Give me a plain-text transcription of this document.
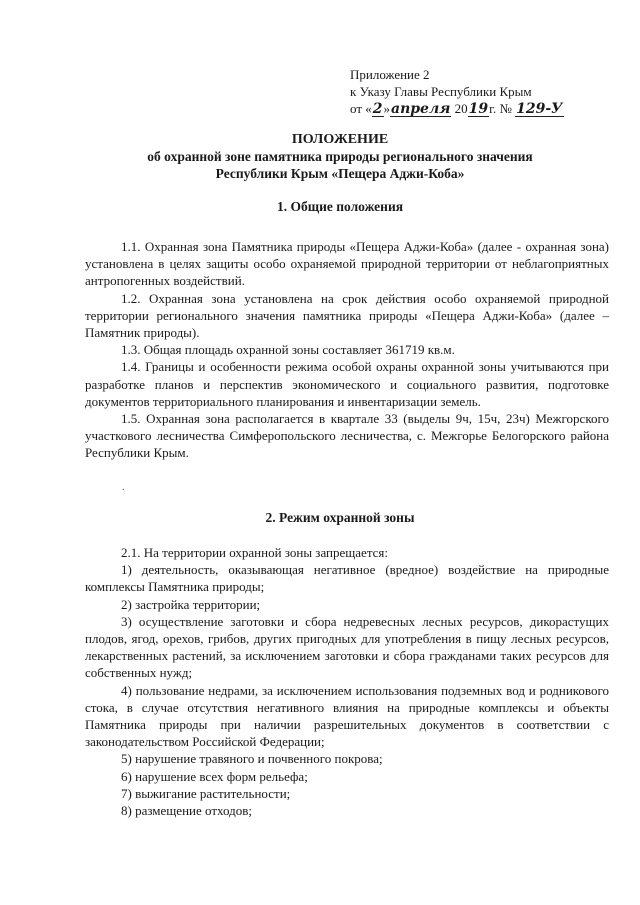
Приложение 2
к Указу Главы Республики Крым
от «2»апреля 2019г. № 129-У
ПОЛОЖЕНИЕ
об охранной зоне памятника природы регионального значения
Республики Крым «Пещера Аджи-Коба»
1. Общие положения

1.1. Охранная зона Памятника природы «Пещера Аджи-Коба» (далее - охранная зона) установлена в целях защиты особо охраняемой природной территории от неблагоприятных антропогенных воздействий.

1.2. Охранная зона установлена на срок действия особо охраняемой природной территории регионального значения памятника природы «Пещера Аджи-Коба» (далее – Памятник природы).

1.3. Общая площадь охранной зоны составляет 361719 кв.м.

1.4. Границы и особенности режима особой охраны охранной зоны учитываются при разработке планов и перспектив экономического и социального развития, подготовке документов территориального планирования и инвентаризации земель.

1.5. Охранная зона располагается в квартале 33 (выделы 9ч, 15ч, 23ч) Межгорского участкового лесничества Симферопольского лесничества, с. Межгорье Белогорского района Республики Крым.

.
2. Режим охранной зоны

2.1. На территории охранной зоны запрещается:

1) деятельность, оказывающая негативное (вредное) воздействие на природные комплексы Памятника природы;

2) застройка территории;

3) осуществление заготовки и сбора недревесных лесных ресурсов, дикорастущих плодов, ягод, орехов, грибов, других пригодных для употребления в пищу лесных ресурсов, лекарственных растений, за исключением заготовки и сбора гражданами таких ресурсов для собственных нужд;

4) пользование недрами, за исключением использования подземных вод и родникового стока, в случае отсутствия негативного влияния на природные комплексы и объекты Памятника природы при наличии разрешительных документов в соответствии с законодательством Российской Федерации;

5) нарушение травяного и почвенного покрова;

6) нарушение всех форм рельефа;

7) выжигание растительности;

8) размещение отходов;
